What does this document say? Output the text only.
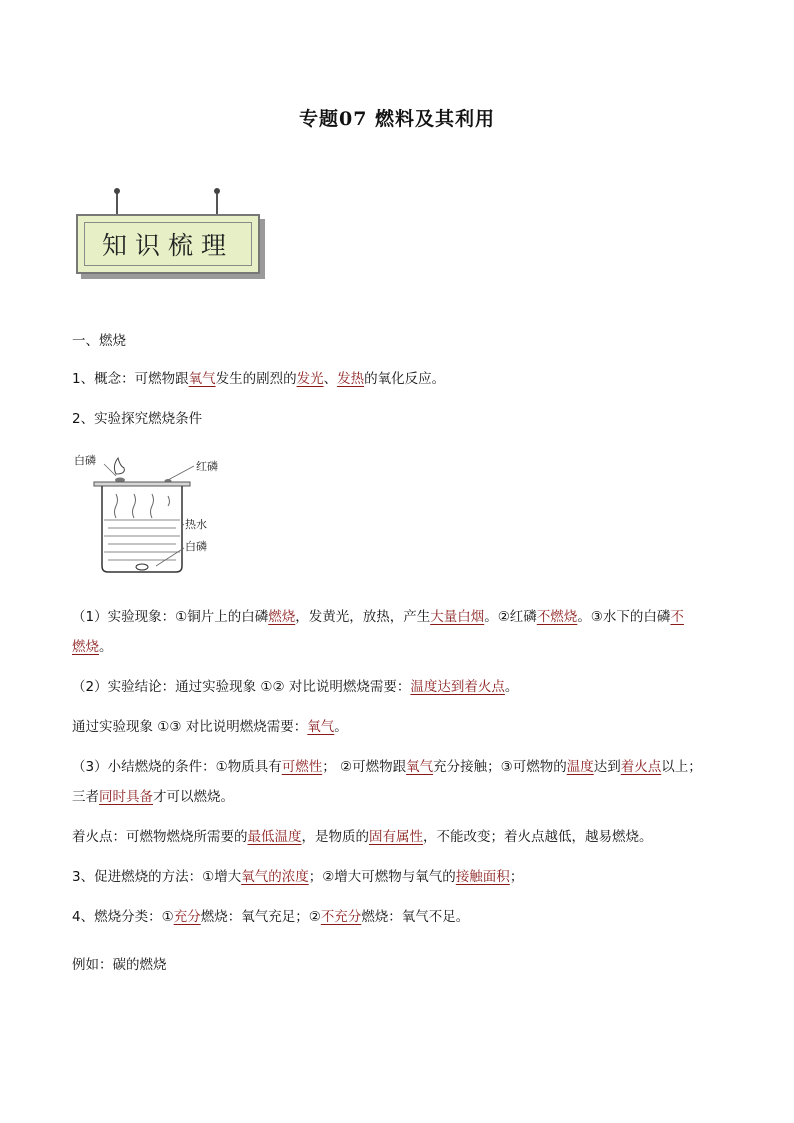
专题07 燃料及其利用
知识梳理
一、燃烧
1、概念：可燃物跟氧气发生的剧烈的发光、发热的氧化反应。
2、实验探究燃烧条件
白磷	红磷
热水
白磷
（1）实验现象：①铜片上的白磷燃烧，发黄光，放热，产生大量白烟。②红磷不燃烧。③水下的白磷不
燃烧。
（2）实验结论：通过实验现象 ①② 对比说明燃烧需要：温度达到着火点。
通过实验现象 ①③ 对比说明燃烧需要：氧气。
（3）小结燃烧的条件：①物质具有可燃性； ②可燃物跟氧气充分接触；③可燃物的温度达到着火点以上；
三者同时具备才可以燃烧。
着火点：可燃物燃烧所需要的最低温度，是物质的固有属性，不能改变；着火点越低，越易燃烧。
3、促进燃烧的方法：①增大氧气的浓度；②增大可燃物与氧气的接触面积；
4、燃烧分类：①充分燃烧：氧气充足；②不充分燃烧：氧气不足。
例如：碳的燃烧
